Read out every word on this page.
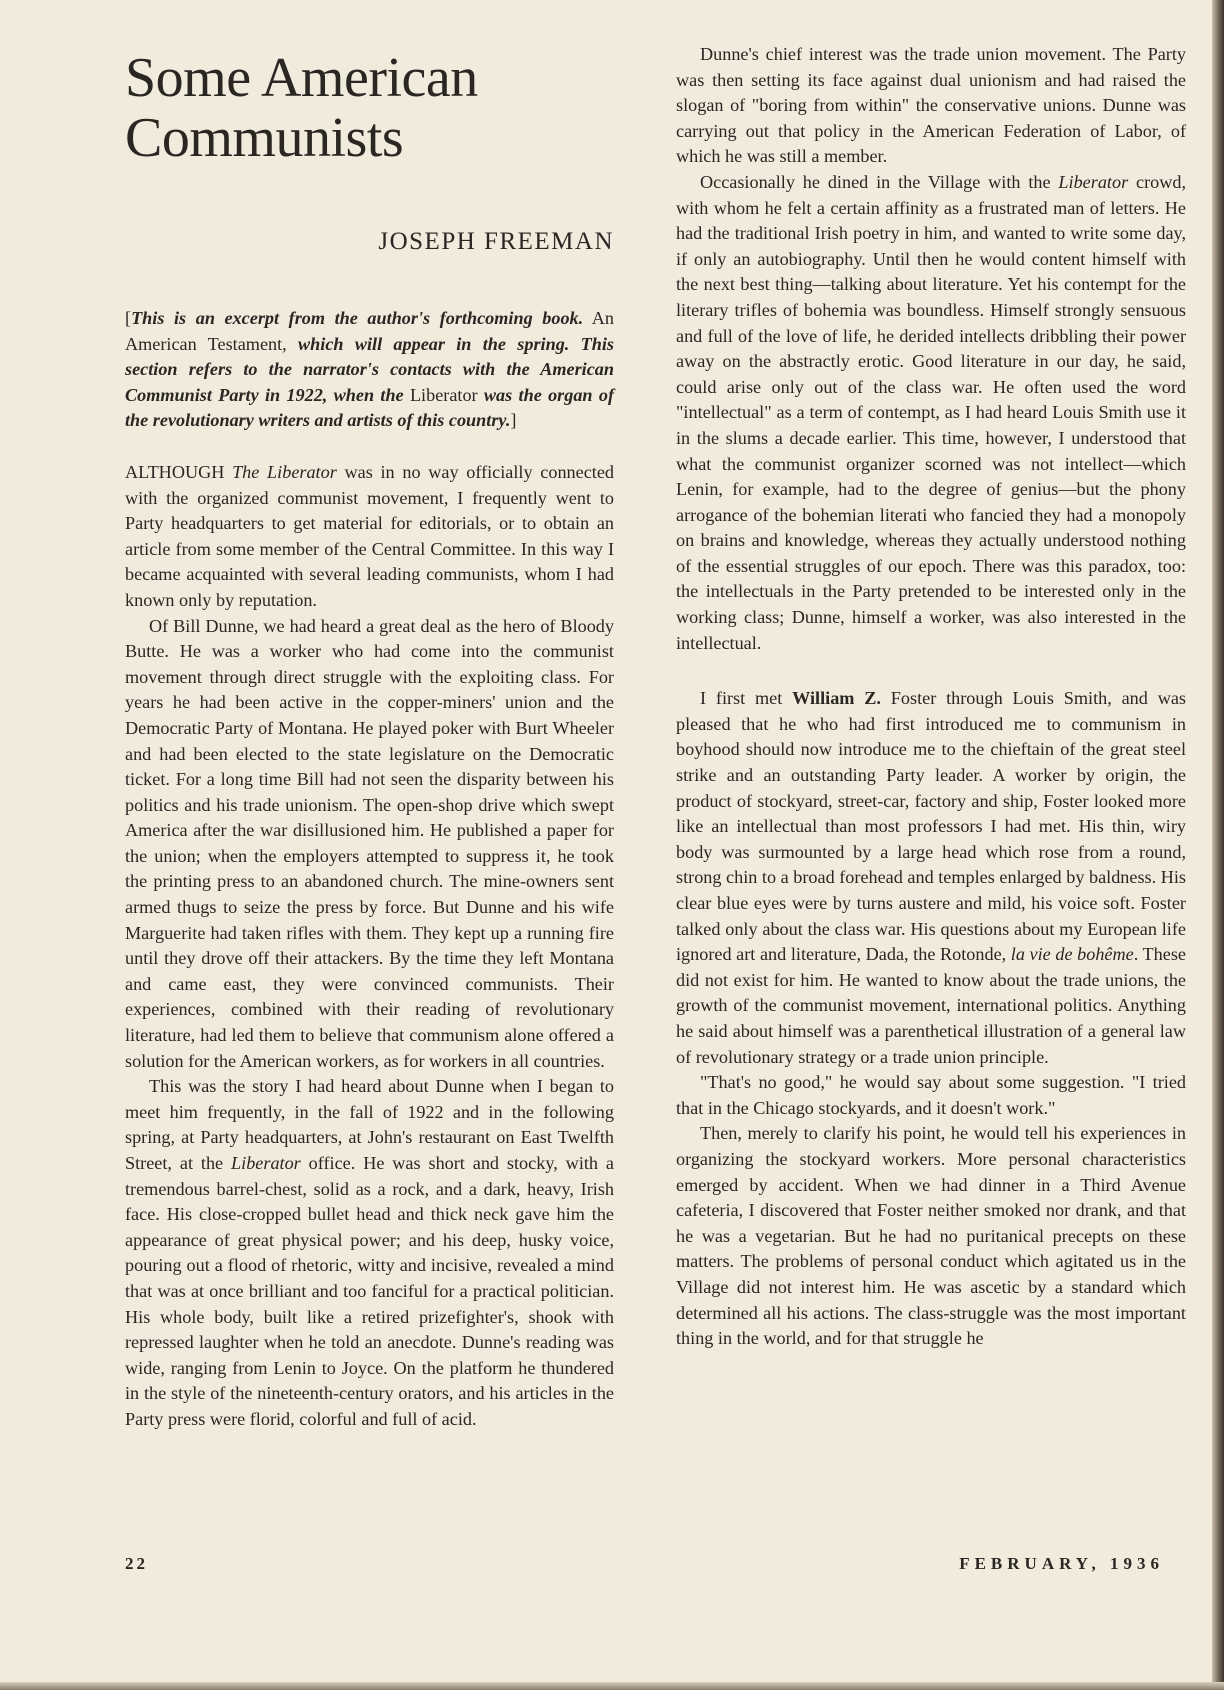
Some American
Communists
JOSEPH FREEMAN

[This is an excerpt from the author's forthcoming book. An American Testament, which will appear in the spring. This section refers to the narrator's contacts with the American Communist Party in 1922, when the Liberator was the organ of the revolutionary writers and artists of this country.]

ALTHOUGH The Liberator was in no way officially connected with the organized communist movement, I frequently went to Party headquarters to get material for editorials, or to obtain an article from some member of the Central Committee. In this way I became acquainted with several leading communists, whom I had known only by reputation.

Of Bill Dunne, we had heard a great deal as the hero of Bloody Butte. He was a worker who had come into the communist movement through direct struggle with the exploiting class. For years he had been active in the copper-miners' union and the Democratic Party of Montana. He played poker with Burt Wheeler and had been elected to the state legislature on the Democratic ticket. For a long time Bill had not seen the disparity between his politics and his trade unionism. The open-shop drive which swept America after the war disillusioned him. He published a paper for the union; when the employers attempted to suppress it, he took the printing press to an abandoned church. The mine-owners sent armed thugs to seize the press by force. But Dunne and his wife Marguerite had taken rifles with them. They kept up a running fire until they drove off their attackers. By the time they left Montana and came east, they were convinced communists. Their experiences, combined with their reading of revolutionary literature, had led them to believe that communism alone offered a solution for the American workers, as for workers in all countries.

This was the story I had heard about Dunne when I began to meet him frequently, in the fall of 1922 and in the following spring, at Party headquarters, at John's restaurant on East Twelfth Street, at the Liberator office. He was short and stocky, with a tremendous barrel-chest, solid as a rock, and a dark, heavy, Irish face. His close-cropped bullet head and thick neck gave him the appearance of great physical power; and his deep, husky voice, pouring out a flood of rhetoric, witty and incisive, revealed a mind that was at once brilliant and too fanciful for a practical politician. His whole body, built like a retired prizefighter's, shook with repressed laughter when he told an anecdote. Dunne's reading was wide, ranging from Lenin to Joyce. On the platform he thundered in the style of the nineteenth-century orators, and his articles in the Party press were florid, colorful and full of acid.

Dunne's chief interest was the trade union movement. The Party was then setting its face against dual unionism and had raised the slogan of "boring from within" the conservative unions. Dunne was carrying out that policy in the American Federation of Labor, of which he was still a member.

Occasionally he dined in the Village with the Liberator crowd, with whom he felt a certain affinity as a frustrated man of letters. He had the traditional Irish poetry in him, and wanted to write some day, if only an autobiography. Until then he would content himself with the next best thing—talking about literature. Yet his contempt for the literary trifles of bohemia was boundless. Himself strongly sensuous and full of the love of life, he derided intellects dribbling their power away on the abstractly erotic. Good literature in our day, he said, could arise only out of the class war. He often used the word "intellectual" as a term of contempt, as I had heard Louis Smith use it in the slums a decade earlier. This time, however, I understood that what the communist organizer scorned was not intellect—which Lenin, for example, had to the degree of genius—but the phony arrogance of the bohemian literati who fancied they had a monopoly on brains and knowledge, whereas they actually understood nothing of the essential struggles of our epoch. There was this paradox, too: the intellectuals in the Party pretended to be interested only in the working class; Dunne, himself a worker, was also interested in the intellectual.

I first met William Z. Foster through Louis Smith, and was pleased that he who had first introduced me to communism in boyhood should now introduce me to the chieftain of the great steel strike and an outstanding Party leader. A worker by origin, the product of stockyard, street-car, factory and ship, Foster looked more like an intellectual than most professors I had met. His thin, wiry body was surmounted by a large head which rose from a round, strong chin to a broad forehead and temples enlarged by baldness. His clear blue eyes were by turns austere and mild, his voice soft. Foster talked only about the class war. His questions about my European life ignored art and literature, Dada, the Rotonde, la vie de bohême. These did not exist for him. He wanted to know about the trade unions, the growth of the communist movement, international politics. Anything he said about himself was a parenthetical illustration of a general law of revolutionary strategy or a trade union principle.

"That's no good," he would say about some suggestion. "I tried that in the Chicago stockyards, and it doesn't work."

Then, merely to clarify his point, he would tell his experiences in organizing the stockyard workers. More personal characteristics emerged by accident. When we had dinner in a Third Avenue cafeteria, I discovered that Foster neither smoked nor drank, and that he was a vegetarian. But he had no puritanical precepts on these matters. The problems of personal conduct which agitated us in the Village did not interest him. He was ascetic by a standard which determined all his actions. The class-struggle was the most important thing in the world, and for that struggle he

22	FEBRUARY, 1936
